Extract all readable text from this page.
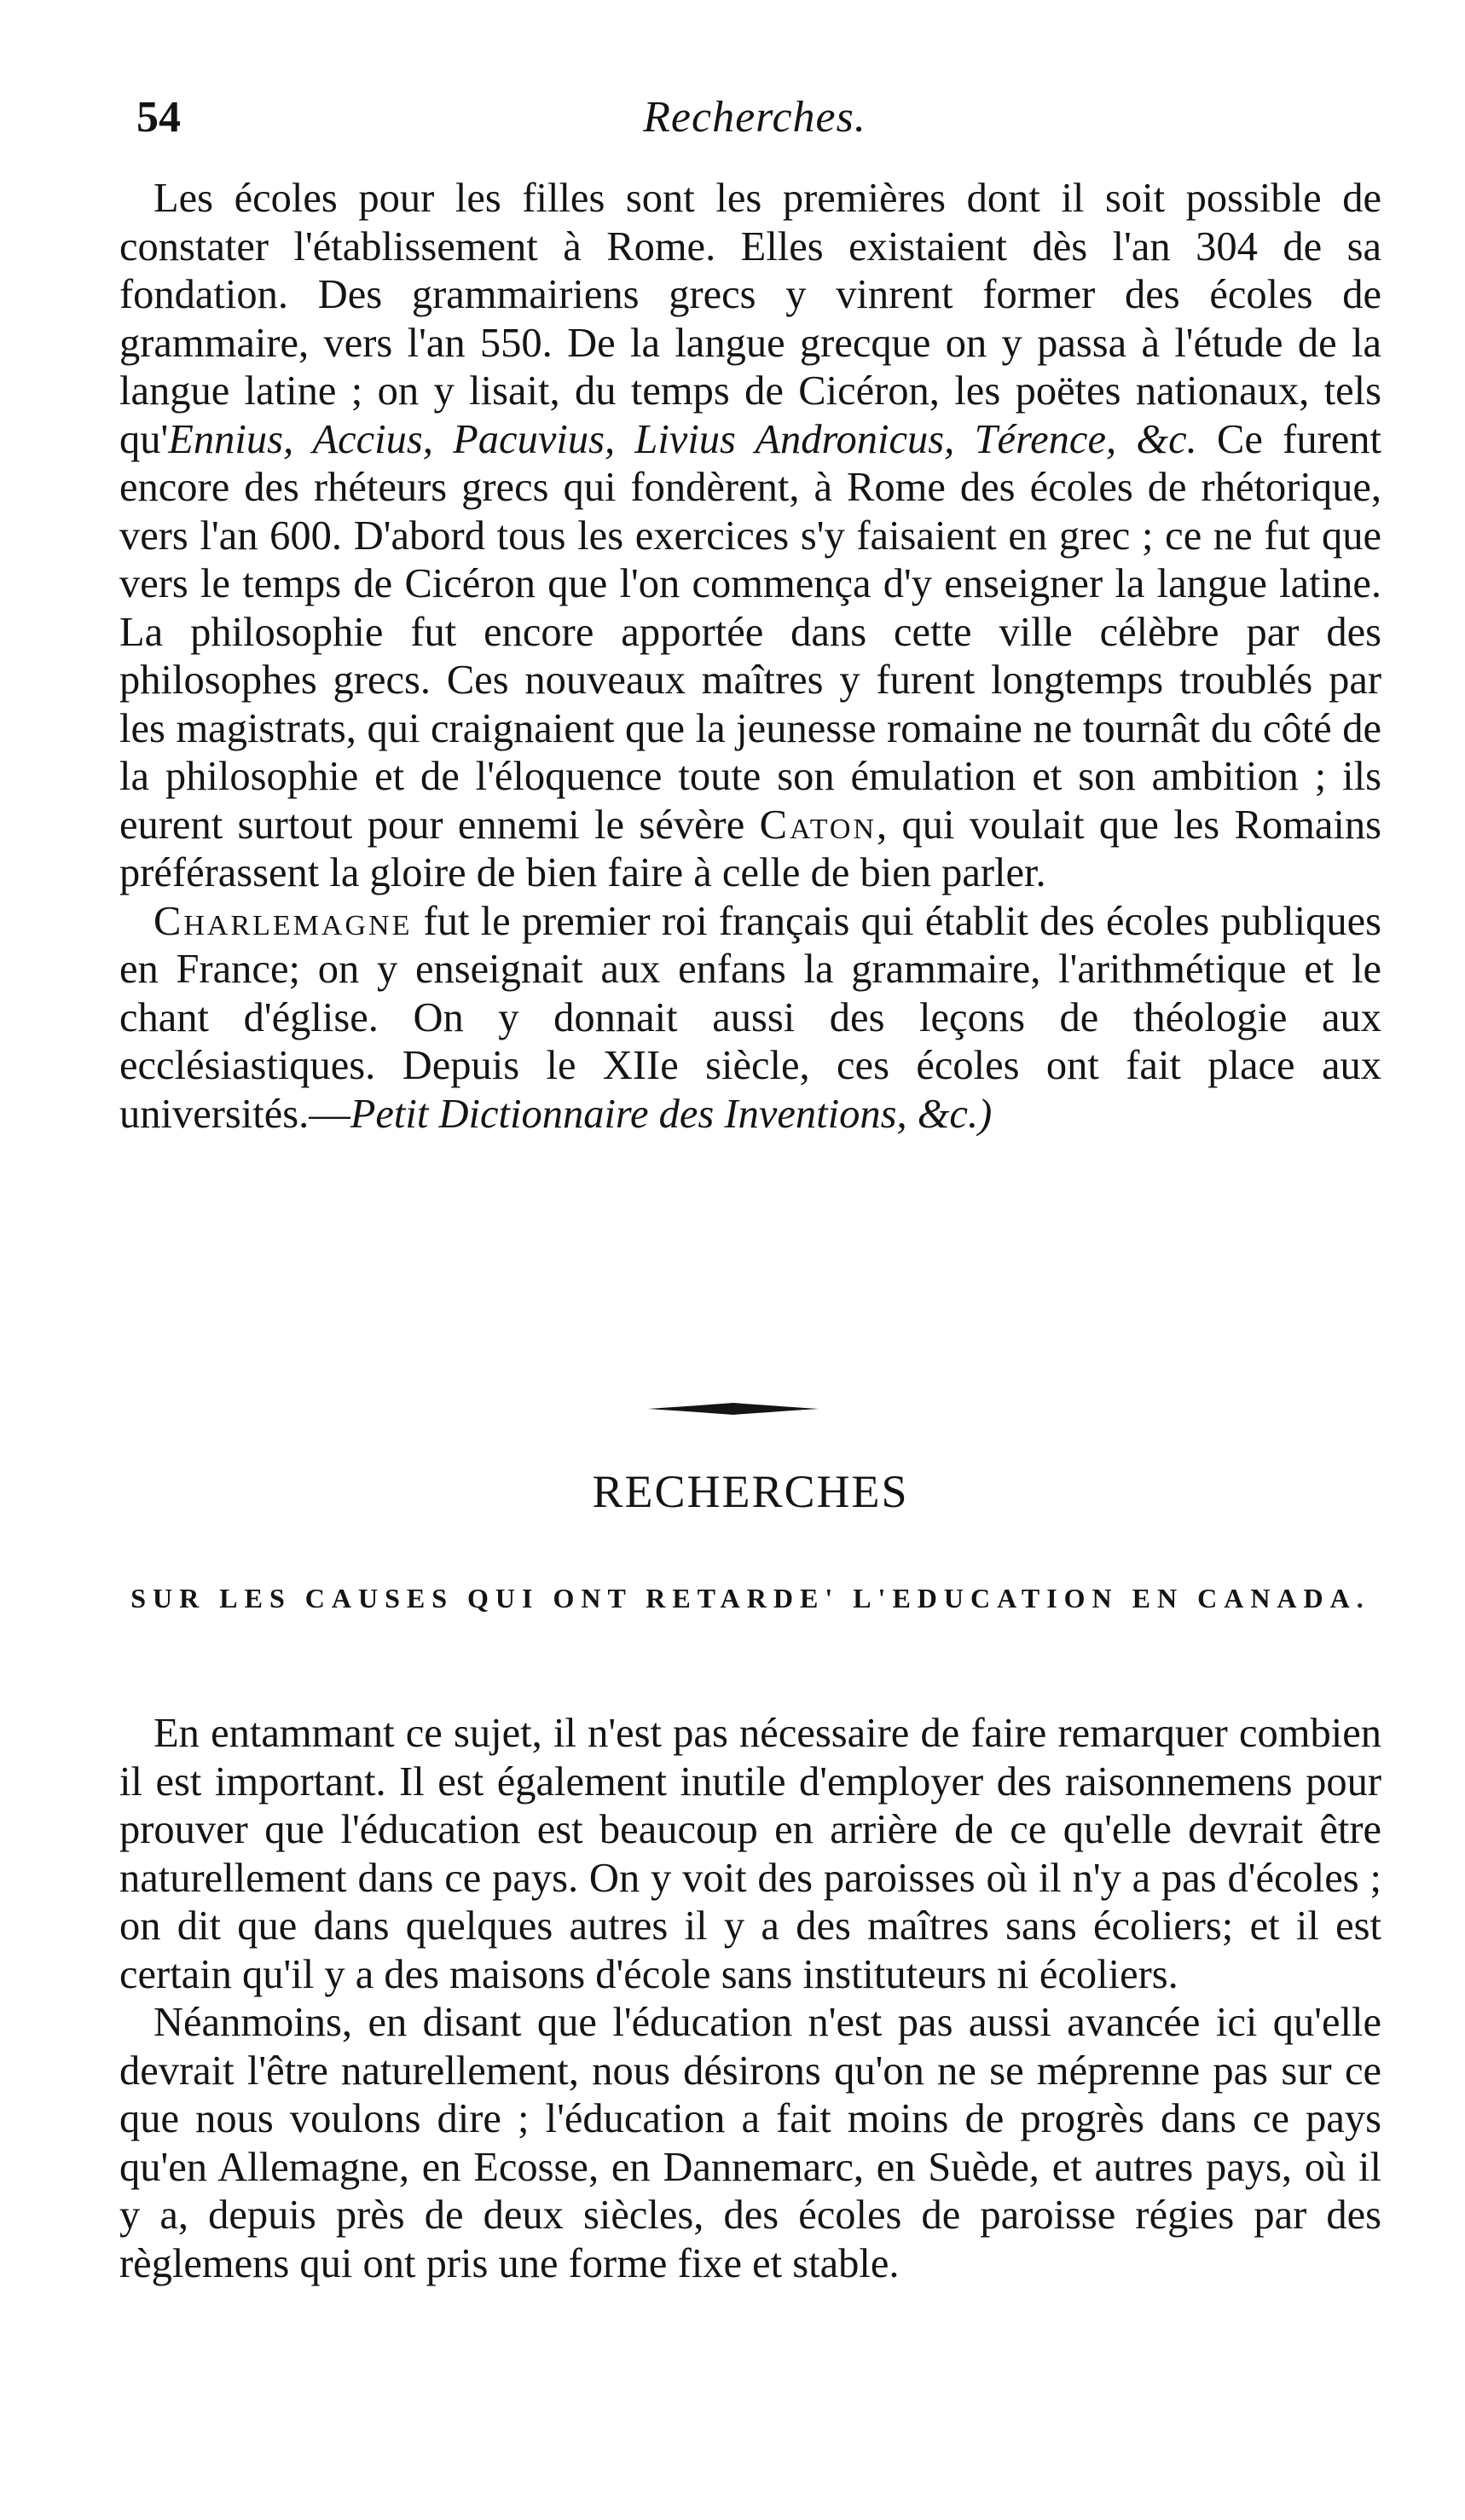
54	Recherches.

Les écoles pour les filles sont les premières dont il soit possible de constater l'établissement à Rome. Elles existaient dès l'an 304 de sa fondation. Des grammairiens grecs y vinrent former des écoles de grammaire, vers l'an 550. De la langue grecque on y passa à l'étude de la langue latine ; on y lisait, du temps de Cicéron, les poëtes nationaux, tels qu'Ennius, Accius, Pacuvius, Livius Andronicus, Térence, &c. Ce furent encore des rhéteurs grecs qui fondèrent, à Rome des écoles de rhétorique, vers l'an 600. D'abord tous les exercices s'y faisaient en grec ; ce ne fut que vers le temps de Cicéron que l'on commença d'y enseigner la langue latine. La philosophie fut encore apportée dans cette ville célèbre par des philosophes grecs. Ces nouveaux maîtres y furent longtemps troublés par les magistrats, qui craignaient que la jeunesse romaine ne tournât du côté de la philosophie et de l'éloquence toute son émulation et son ambition ; ils eurent surtout pour ennemi le sévère Caton, qui voulait que les Romains préférassent la gloire de bien faire à celle de bien parler.

Charlemagne fut le premier roi français qui établit des écoles publiques en France; on y enseignait aux enfans la grammaire, l'arithmétique et le chant d'église. On y donnait aussi des leçons de théologie aux ecclésiastiques. Depuis le XIIe siècle, ces écoles ont fait place aux universités.—Petit Dictionnaire des Inventions, &c.)

RECHERCHES
SUR LES CAUSES QUI ONT RETARDE' L'EDUCATION EN CANADA.

En entammant ce sujet, il n'est pas nécessaire de faire remarquer combien il est important. Il est également inutile d'employer des raisonnemens pour prouver que l'éducation est beaucoup en arrière de ce qu'elle devrait être naturellement dans ce pays. On y voit des paroisses où il n'y a pas d'écoles ; on dit que dans quelques autres il y a des maîtres sans écoliers; et il est certain qu'il y a des maisons d'école sans instituteurs ni écoliers.

Néanmoins, en disant que l'éducation n'est pas aussi avancée ici qu'elle devrait l'être naturellement, nous désirons qu'on ne se méprenne pas sur ce que nous voulons dire ; l'éducation a fait moins de progrès dans ce pays qu'en Allemagne, en Ecosse, en Dannemarc, en Suède, et autres pays, où il y a, depuis près de deux siècles, des écoles de paroisse régies par des règlemens qui ont pris une forme fixe et stable.
